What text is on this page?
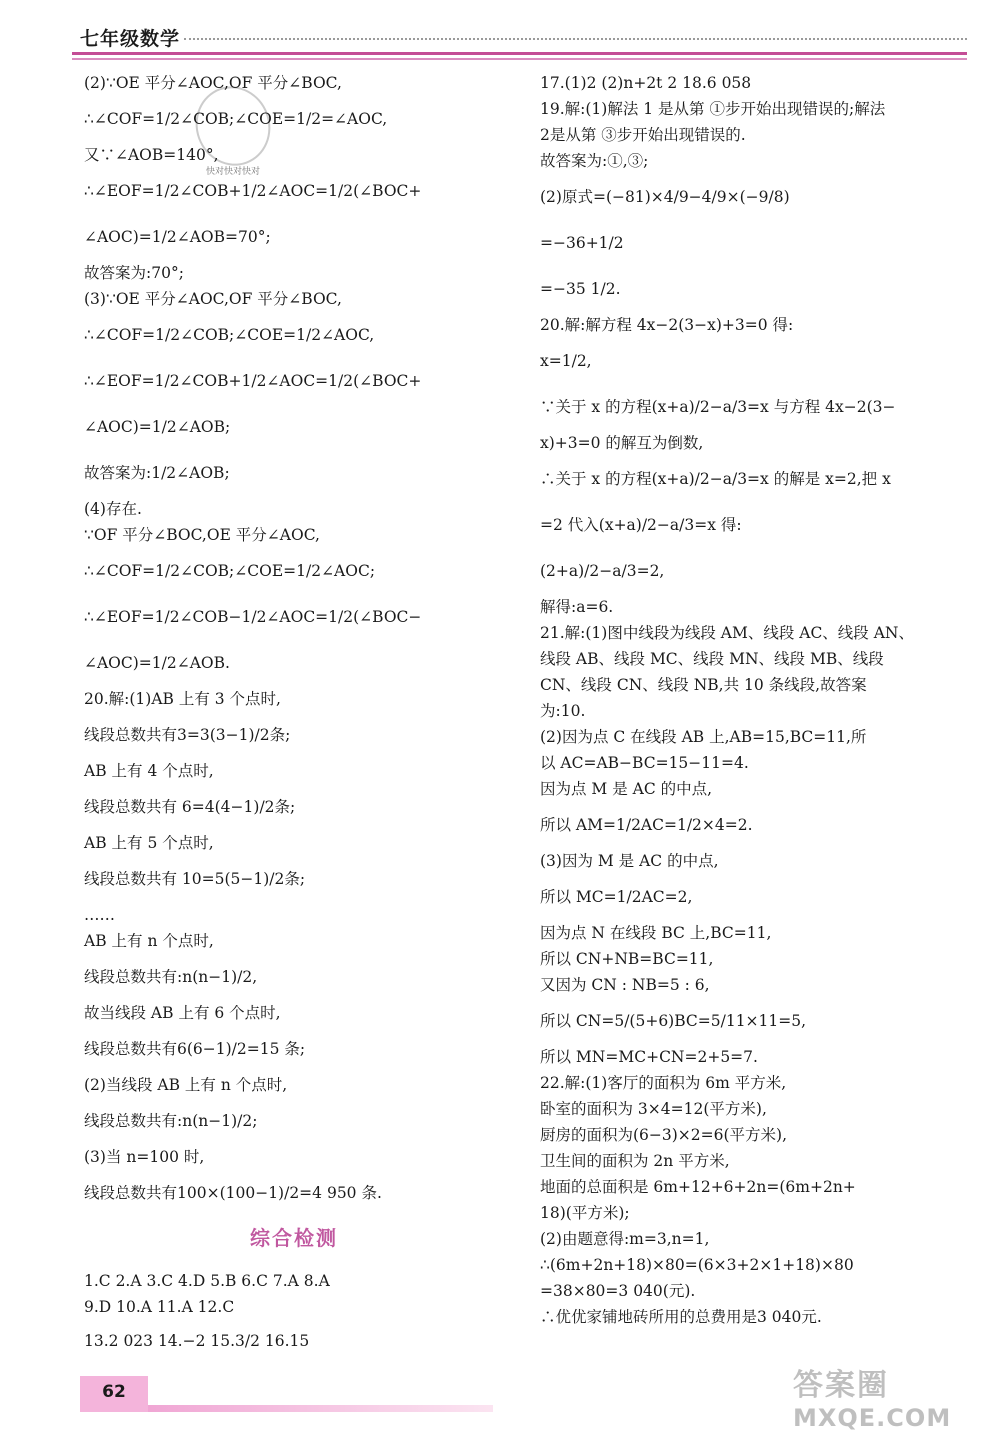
七年级数学
快对快对快对
(2)∵OE 平分∠AOC,OF 平分∠BOC,
∴∠COF=1/2∠COB;∠COE=1/2=∠AOC,
又∵∠AOB=140°,
∴∠EOF=1/2∠COB+1/2∠AOC=1/2(∠BOC+
∠AOC)=1/2∠AOB=70°;
故答案为:70°;
(3)∵OE 平分∠AOC,OF 平分∠BOC,
∴∠COF=1/2∠COB;∠COE=1/2∠AOC,
∴∠EOF=1/2∠COB+1/2∠AOC=1/2(∠BOC+
∠AOC)=1/2∠AOB;
故答案为:1/2∠AOB;
(4)存在.
∵OF 平分∠BOC,OE 平分∠AOC,
∴∠COF=1/2∠COB;∠COE=1/2∠AOC;
∴∠EOF=1/2∠COB−1/2∠AOC=1/2(∠BOC−
∠AOC)=1/2∠AOB.
20.解:(1)AB 上有 3 个点时,
线段总数共有3=3(3−1)/2条;
AB 上有 4 个点时,
线段总数共有 6=4(4−1)/2条;
AB 上有 5 个点时,
线段总数共有 10=5(5−1)/2条;
……
AB 上有 n 个点时,
线段总数共有:n(n−1)/2,
故当线段 AB 上有 6 个点时,
线段总数共有6(6−1)/2=15 条;
(2)当线段 AB 上有 n 个点时,
线段总数共有:n(n−1)/2;
(3)当 n=100 时,
线段总数共有100×(100−1)/2=4 950 条.
综合检测
1.C 2.A 3.C 4.D 5.B 6.C 7.A 8.A
9.D 10.A 11.A 12.C
13.2 023 14.−2 15.3/2 16.15
17.(1)2 (2)n+2t 2 18.6 058
19.解:(1)解法 1 是从第 ①步开始出现错误的;解法
2是从第 ③步开始出现错误的.
故答案为:①,③;
(2)原式=(−81)×4/9−4/9×(−9/8)
=−36+1/2
=−35 1/2.
20.解:解方程 4x−2(3−x)+3=0 得:
x=1/2,
∵关于 x 的方程(x+a)/2−a/3=x 与方程 4x−2(3−
x)+3=0 的解互为倒数,
∴关于 x 的方程(x+a)/2−a/3=x 的解是 x=2,把 x
=2 代入(x+a)/2−a/3=x 得:
(2+a)/2−a/3=2,
解得:a=6.
21.解:(1)图中线段为线段 AM、线段 AC、线段 AN、
线段 AB、线段 MC、线段 MN、线段 MB、线段
CN、线段 CN、线段 NB,共 10 条线段,故答案
为:10.
(2)因为点 C 在线段 AB 上,AB=15,BC=11,所
以 AC=AB−BC=15−11=4.
因为点 M 是 AC 的中点,
所以 AM=1/2AC=1/2×4=2.
(3)因为 M 是 AC 的中点,
所以 MC=1/2AC=2,
因为点 N 在线段 BC 上,BC=11,
所以 CN+NB=BC=11,
又因为 CN : NB=5 : 6,
所以 CN=5/(5+6)BC=5/11×11=5,
所以 MN=MC+CN=2+5=7.
22.解:(1)客厅的面积为 6m 平方米,
卧室的面积为 3×4=12(平方米),
厨房的面积为(6−3)×2=6(平方米),
卫生间的面积为 2n 平方米,
地面的总面积是 6m+12+6+2n=(6m+2n+
18)(平方米);
(2)由题意得:m=3,n=1,
∴(6m+2n+18)×80=(6×3+2×1+18)×80
=38×80=3 040(元).
∴优优家铺地砖所用的总费用是3 040元.
62	答案圈
MXQE.COM
